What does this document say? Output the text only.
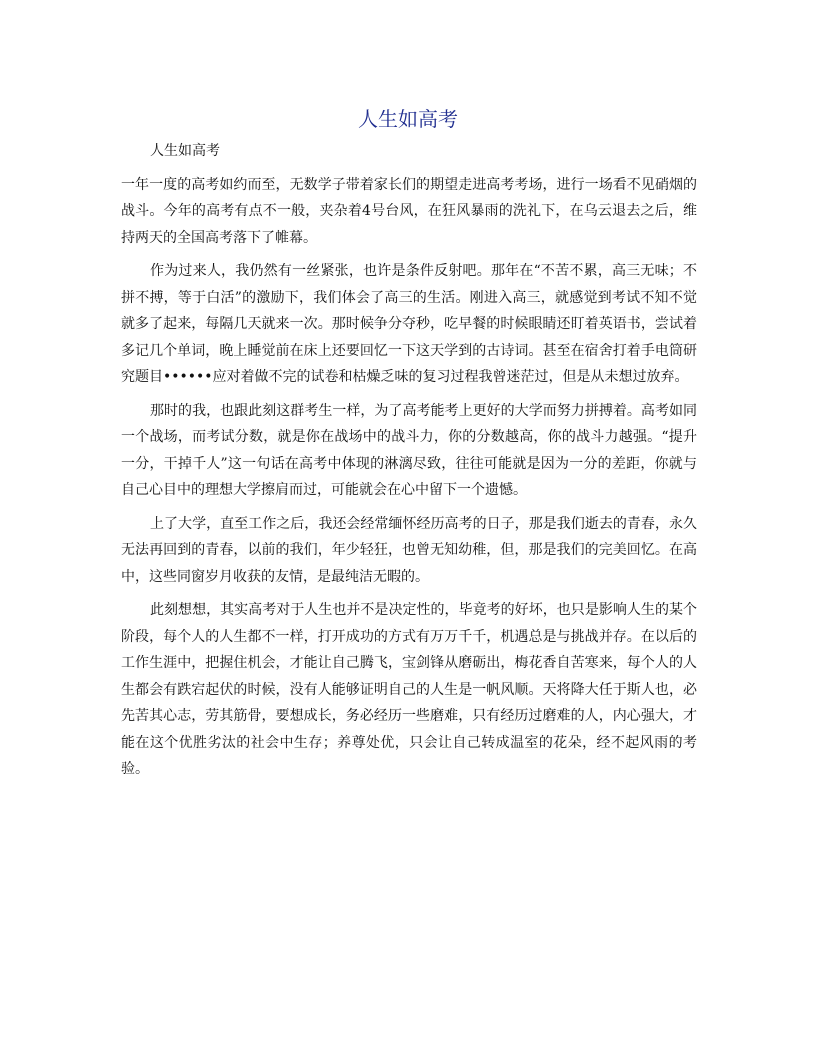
人生如高考

人生如高考

一年一度的高考如约而至，无数学子带着家长们的期望走进高考考场，进行一场看不见硝烟的战斗。今年的高考有点不一般，夹杂着4号台风，在狂风暴雨的洗礼下，在乌云退去之后，维持两天的全国高考落下了帷幕。

作为过来人，我仍然有一丝紧张，也许是条件反射吧。那年在“不苦不累，高三无味；不拼不搏，等于白活”的激励下，我们体会了高三的生活。刚进入高三，就感觉到考试不知不觉就多了起来，每隔几天就来一次。那时候争分夺秒，吃早餐的时候眼睛还盯着英语书，尝试着多记几个单词，晚上睡觉前在床上还要回忆一下这天学到的古诗词。甚至在宿舍打着手电筒研究题目••••••应对着做不完的试卷和枯燥乏味的复习过程我曾迷茫过，但是从未想过放弃。

那时的我，也跟此刻这群考生一样，为了高考能考上更好的大学而努力拼搏着。高考如同一个战场，而考试分数，就是你在战场中的战斗力，你的分数越高，你的战斗力越强。“提升一分，干掉千人”这一句话在高考中体现的淋漓尽致，往往可能就是因为一分的差距，你就与自己心目中的理想大学擦肩而过，可能就会在心中留下一个遗憾。

上了大学，直至工作之后，我还会经常缅怀经历高考的日子，那是我们逝去的青春，永久无法再回到的青春，以前的我们，年少轻狂，也曾无知幼稚，但，那是我们的完美回忆。在高中，这些同窗岁月收获的友情，是最纯洁无暇的。

此刻想想，其实高考对于人生也并不是决定性的，毕竟考的好坏，也只是影响人生的某个阶段，每个人的人生都不一样，打开成功的方式有万万千千，机遇总是与挑战并存。在以后的工作生涯中，把握住机会，才能让自己腾飞，宝剑锋从磨砺出，梅花香自苦寒来，每个人的人生都会有跌宕起伏的时候，没有人能够证明自己的人生是一帆风顺。天将降大任于斯人也，必先苦其心志，劳其筋骨，要想成长，务必经历一些磨难，只有经历过磨难的人，内心强大，才能在这个优胜劣汰的社会中生存；养尊处优，只会让自己转成温室的花朵，经不起风雨的考验。
